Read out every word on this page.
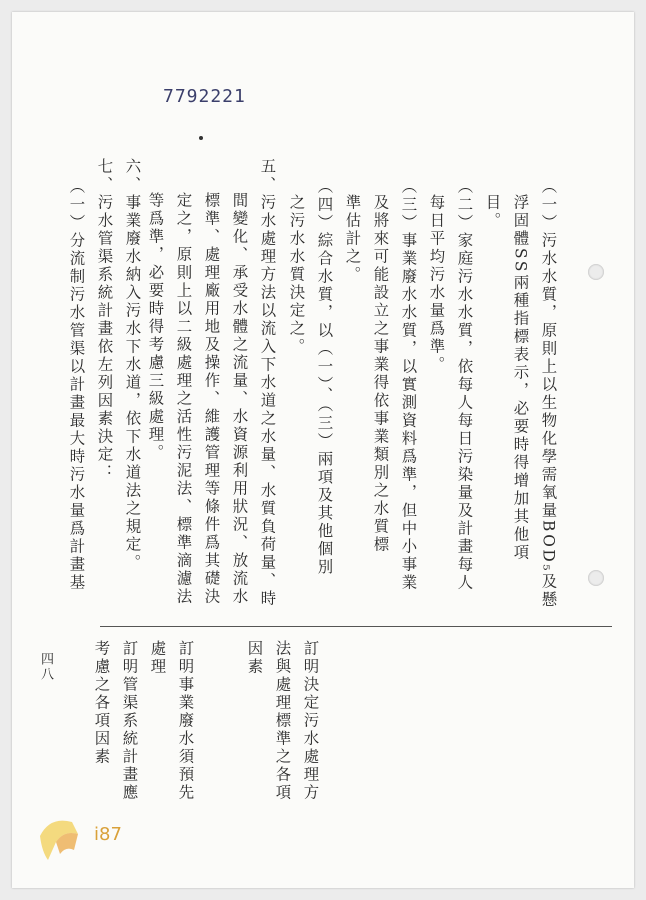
7792221
（一）污水水質，原則上以生物化學需氧量BOD₅及懸
浮固體SS兩種指標表示，必要時得增加其他項
目。
（二）家庭污水水質，依每人每日污染量及計畫每人
每日平均污水量爲準。
（三）事業廢水水質，以實測資料爲準，但中小事業
及將來可能設立之事業得依事業類別之水質標
準估計之。
（四）綜合水質，以（一）、（三）兩項及其他個別
之污水水質決定之。
五、污水處理方法以流入下水道之水量、水質負荷量、時
間變化、承受水體之流量、水資源利用狀況、放流水
標準、處理廠用地及操作、維護管理等條件爲其礎決
定之，原則上以二級處理之活性污泥法、標準滴濾法
等爲準，必要時得考慮三級處理。
六、事業廢水納入污水下水道，依下水道法之規定。
七、污水管渠系統計畫依左列因素決定：
（一）分流制污水管渠以計畫最大時污水量爲計畫基
訂明決定污水處理方
法與處理標準之各項
因素
訂明事業廢水須預先
處理
訂明管渠系統計畫應
考慮之各項因素
四八
i87
